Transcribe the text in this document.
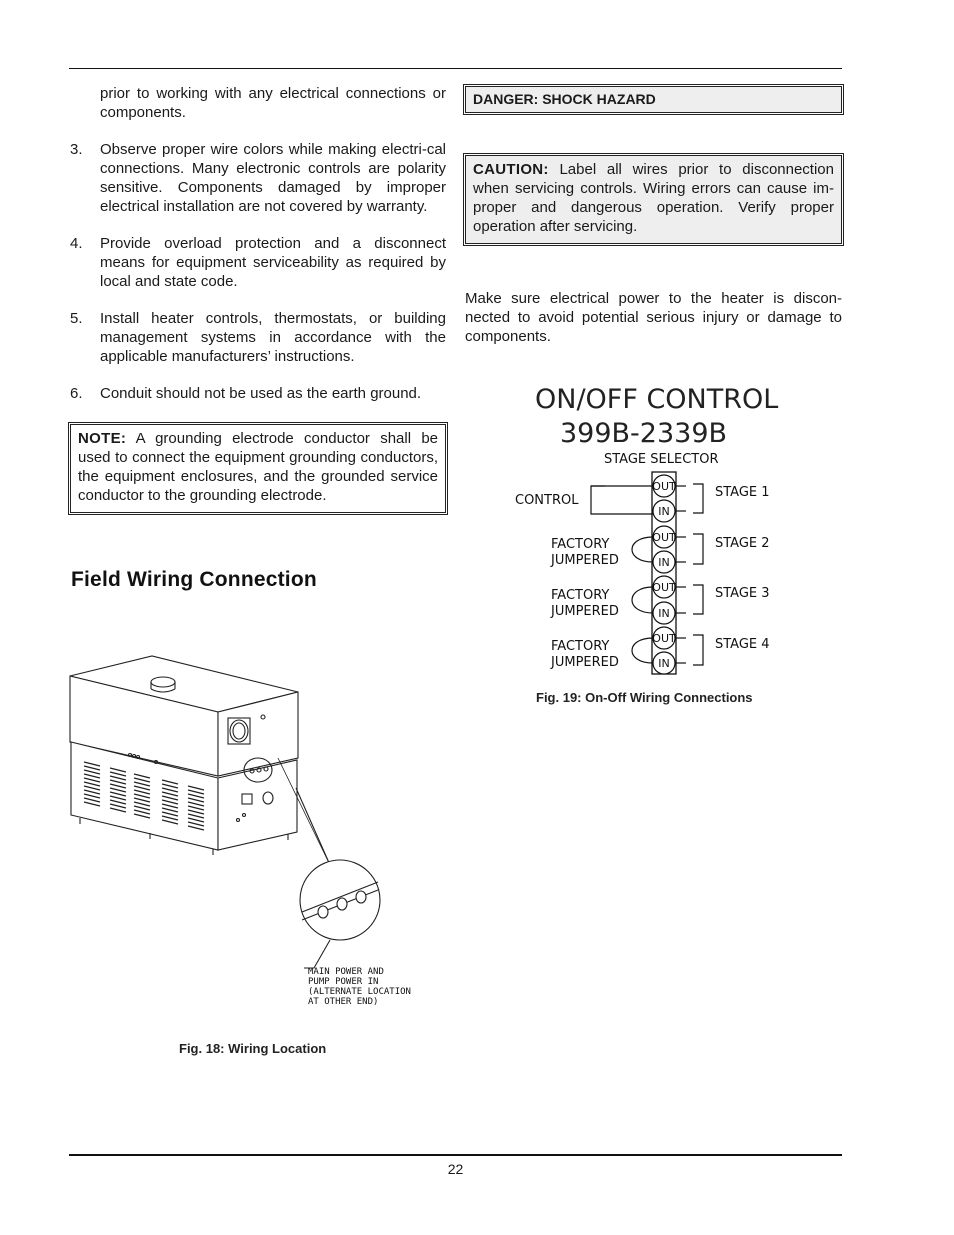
prior to working with any electrical connections or components.
3.	Observe proper wire colors while making electri-cal connections. Many electronic controls are polarity sensitive. Components damaged by improper electrical installation are not covered by warranty.
4.	Provide overload protection and a disconnect means for equipment serviceability as required by local and state code.
5.	Install heater controls, thermostats, or building management systems in accordance with the applicable manufacturers’ instructions.
6.	Conduit should not be used as the earth ground.
NOTE: A grounding electrode conductor shall be used to connect the equipment grounding conductors, the equipment enclosures, and the grounded service conductor to the grounding electrode.
Field Wiring Connection
DANGER: SHOCK HAZARD
CAUTION: Label all wires prior to disconnection when servicing controls. Wiring errors can cause im-proper and dangerous operation. Verify proper operation after servicing.
Make sure electrical power to the heater is discon-nected to avoid potential serious injury or damage to components.
MAIN POWER AND
PUMP POWER IN
(ALTERNATE LOCATION
AT OTHER END)
Fig. 18: Wiring Location
ON/OFF CONTROL
399B-2339B
STAGE SELECTOR
OUT
IN
OUT
IN
OUT
IN
OUT
IN
CONTROL
FACTORY
JUMPERED
FACTORY
JUMPERED
FACTORY
JUMPERED
STAGE 1
STAGE 2
STAGE 3
STAGE 4
Fig. 19: On-Off Wiring Connections
22
